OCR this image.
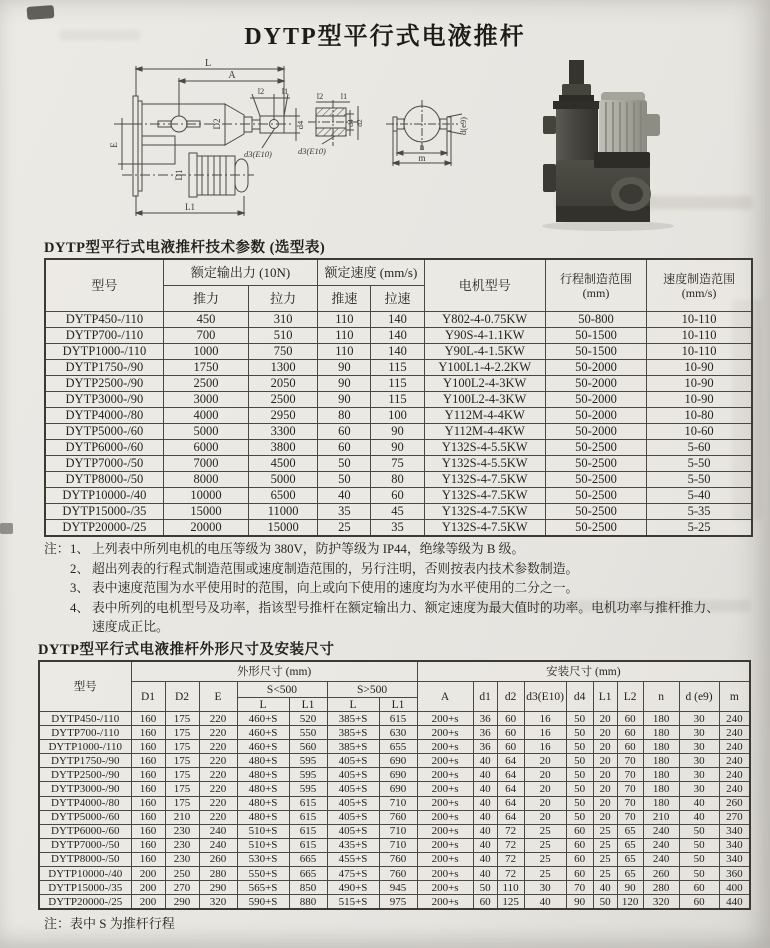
DYTP型平行式电液推杆
L
A
l2 l1
D2	d4
d3(E10)
E
D1
L1
l2 l1
d3(E10)
d4 d2
n
m
d(e9)
DYTP型平行式电液推杆技术参数 (选型表)
型号	额定输出力 (10N)		额定速度 (mm/s)		电机型号	行程制造范围
(mm)	速度制造范围
(mm/s)

	推力	拉力	推速	拉速			
DYTP450-/110	450	310	110	140	Y802-4-0.75KW	50-800	10-110
DYTP700-/110	700	510	110	140	Y90S-4-1.1KW	50-1500	10-110
DYTP1000-/110	1000	750	110	140	Y90L-4-1.5KW	50-1500	10-110
DYTP1750-/90	1750	1300	90	115	Y100L1-4-2.2KW	50-2000	10-90
DYTP2500-/90	2500	2050	90	115	Y100L2-4-3KW	50-2000	10-90
DYTP3000-/90	3000	2500	90	115	Y100L2-4-3KW	50-2000	10-90
DYTP4000-/80	4000	2950	80	100	Y112M-4-4KW	50-2000	10-80
DYTP5000-/60	5000	3300	60	90	Y112M-4-4KW	50-2000	10-60
DYTP6000-/60	6000	3800	60	90	Y132S-4-5.5KW	50-2500	5-60
DYTP7000-/50	7000	4500	50	75	Y132S-4-5.5KW	50-2500	5-50
DYTP8000-/50	8000	5000	50	80	Y132S-4-7.5KW	50-2500	5-50
DYTP10000-/40	10000	6500	40	60	Y132S-4-7.5KW	50-2500	5-40
DYTP15000-/35	15000	11000	35	45	Y132S-4-7.5KW	50-2500	5-35
DYTP20000-/25	20000	15000	25	35	Y132S-4-7.5KW	50-2500	5-25
注： 1、 上列表中所列电机的电压等级为 380V，防护等级为 IP44，绝缘等级为 B 级。
2、 超出列表的行程式制造范围或速度制造范围的，另行注明，否则按表内技术参数制造。
3、 表中速度范围为水平使用时的范围，向上或向下使用的速度均为水平使用的二分之一。
4、 表中所列的电机型号及功率，指该型号推杆在额定输出力、额定速度为最大值时的功率。电机功率与推杆推力、
速度成正比。
DYTP型平行式电液推杆外形尺寸及安装尺寸
型号	外形尺寸 (mm)							安装尺寸 (mm)									
	D1	D2	E	S<500		S>500		A	d1	d2	d3(E10)	d4	L1	L2	n	d (e9)	m
				L	L1	L	L1										
DYTP450-/110	160	175	220	460+S	520	385+S	615	200+s	36	60	16	50	20	60	180	30	240
DYTP700-/110	160	175	220	460+S	550	385+S	630	200+s	36	60	16	50	20	60	180	30	240
DYTP1000-/110	160	175	220	460+S	560	385+S	655	200+s	36	60	16	50	20	60	180	30	240
DYTP1750-/90	160	175	220	480+S	595	405+S	690	200+s	40	64	20	50	20	70	180	30	240
DYTP2500-/90	160	175	220	480+S	595	405+S	690	200+s	40	64	20	50	20	70	180	30	240
DYTP3000-/90	160	175	220	480+S	595	405+S	690	200+s	40	64	20	50	20	70	180	30	240
DYTP4000-/80	160	175	220	480+S	615	405+S	710	200+s	40	64	20	50	20	70	180	40	260
DYTP5000-/60	160	210	220	480+S	615	405+S	760	200+s	40	64	20	50	20	70	210	40	270
DYTP6000-/60	160	230	240	510+S	615	405+S	710	200+s	40	72	25	60	25	65	240	50	340
DYTP7000-/50	160	230	240	510+S	615	435+S	710	200+s	40	72	25	60	25	65	240	50	340
DYTP8000-/50	160	230	260	530+S	665	455+S	760	200+s	40	72	25	60	25	65	240	50	340
DYTP10000-/40	200	250	280	550+S	665	475+S	760	200+s	40	72	25	60	25	65	260	50	360
DYTP15000-/35	200	270	290	565+S	850	490+S	945	200+s	50	110	30	70	40	90	280	60	400
DYTP20000-/25	200	290	320	590+S	880	515+S	975	200+s	60	125	40	90	50	120	320	60	440
注：表中 S 为推杆行程
